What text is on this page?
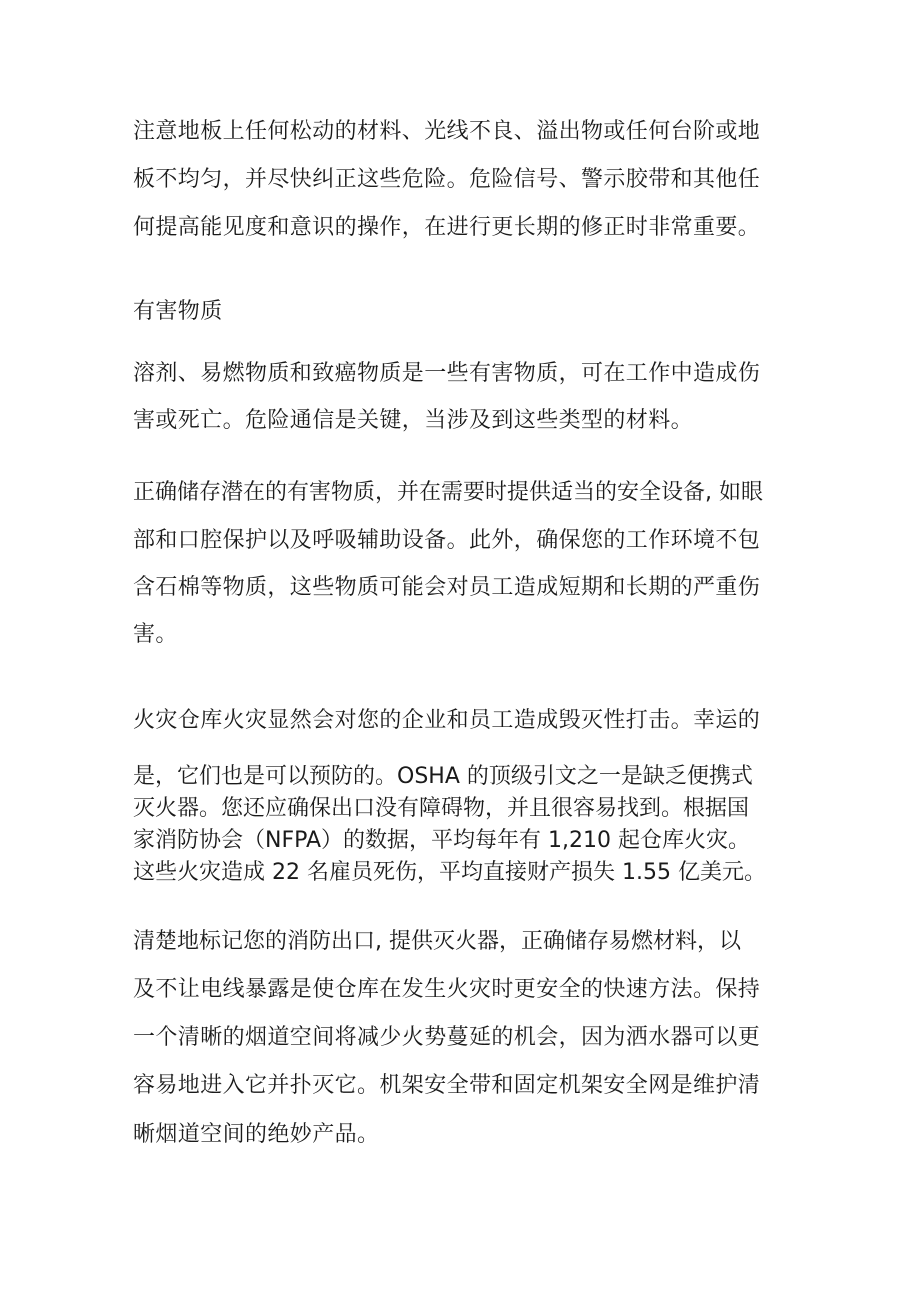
注意地板上任何松动的材料、光线不良、溢出物或任何台阶或地
板不均匀，并尽快纠正这些危险。危险信号、警示胶带和其他任
何提高能见度和意识的操作，在进行更长期的修正时非常重要。
有害物质
溶剂、易燃物质和致癌物质是一些有害物质，可在工作中造成伤
害或死亡。危险通信是关键，当涉及到这些类型的材料。
正确储存潜在的有害物质，并在需要时提供适当的安全设备, 如眼
部和口腔保护以及呼吸辅助设备。此外，确保您的工作环境不包
含石棉等物质，这些物质可能会对员工造成短期和长期的严重伤
害。
火灾仓库火灾显然会对您的企业和员工造成毁灭性打击。幸运的
是，它们也是可以预防的。OSHA 的顶级引文之一是缺乏便携式
灭火器。您还应确保出口没有障碍物，并且很容易找到。根据国
家消防协会（NFPA）的数据，平均每年有 1,210 起仓库火灾。
这些火灾造成 22 名雇员死伤，平均直接财产损失 1.55 亿美元。
清楚地标记您的消防出口, 提供灭火器，正确储存易燃材料，以
及不让电线暴露是使仓库在发生火灾时更安全的快速方法。保持
一个清晰的烟道空间将减少火势蔓延的机会，因为洒水器可以更
容易地进入它并扑灭它。机架安全带和固定机架安全网是维护清
晰烟道空间的绝妙产品。
